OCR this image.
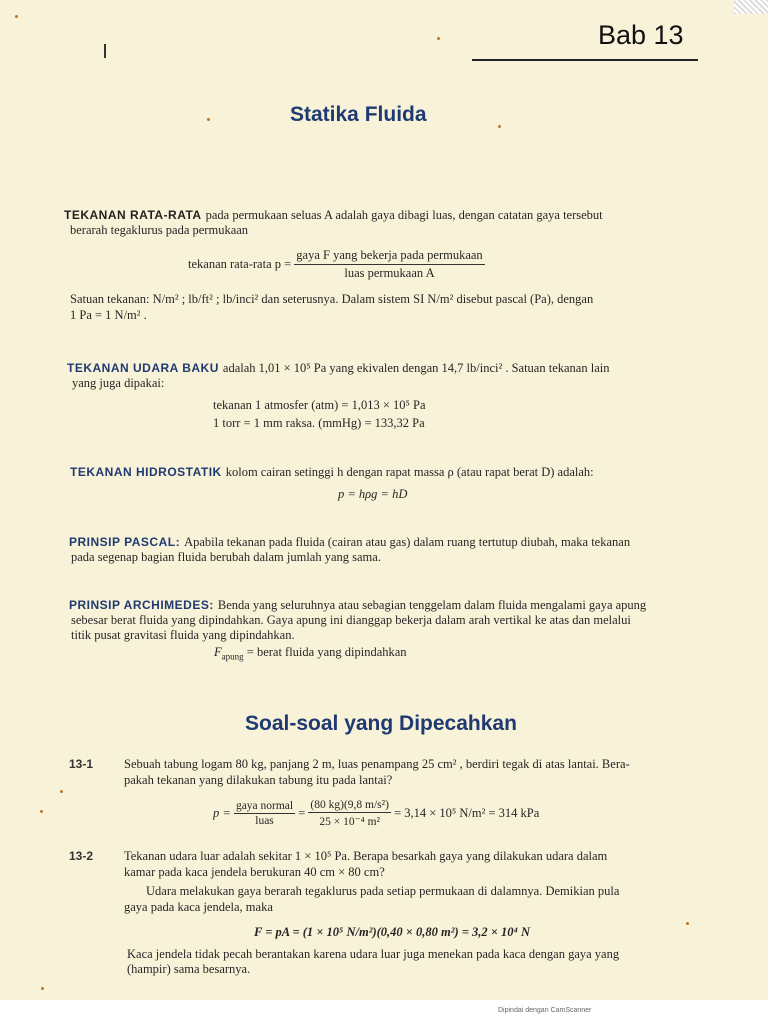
Bab 13
Statika Fluida
TEKANAN RATA-RATA pada permukaan seluas A adalah gaya dibagi luas, dengan catatan gaya tersebut
berarah tegaklurus pada permukaan
tekanan rata-rata $p = \frac{\text{gaya F yang bekerja pada permukaan}}{\text{luas permukaan A}}$
Satuan tekanan: N/m² ; lb/ft² ; lb/inci² dan seterusnya. Dalam sistem SI N/m² disebut pascal (Pa), dengan
1 Pa = 1 N/m² .
TEKANAN UDARA BAKU adalah 1,01 × 10⁵ Pa yang ekivalen dengan 14,7 lb/inci² . Satuan tekanan lain
yang juga dipakai:
tekanan 1 atmosfer (atm) = 1,013 × 10⁵ Pa
1 torr = 1 mm raksa. (mmHg) = 133,32 Pa
TEKANAN HIDROSTATIK kolom cairan setinggi h dengan rapat massa ρ (atau rapat berat D) adalah:
p = hρg = hD
PRINSIP PASCAL: Apabila tekanan pada fluida (cairan atau gas) dalam ruang tertutup diubah, maka tekanan
pada segenap bagian fluida berubah dalam jumlah yang sama.
PRINSIP ARCHIMEDES: Benda yang seluruhnya atau sebagian tenggelam dalam fluida mengalami gaya apung
sebesar berat fluida yang dipindahkan. Gaya apung ini dianggap bekerja dalam arah vertikal ke atas dan melalui
titik pusat gravitasi fluida yang dipindahkan.
$F_{apung}$ = berat fluida yang dipindahkan
Soal-soal yang Dipecahkan
13-1 Sebuah tabung logam 80 kg, panjang 2 m, luas penampang 25 cm² , berdiri tegak di atas lantai. Bera-
pakah tekanan yang dilakukan tabung itu pada lantai?
$p = \frac{\text{gaya normal}}{\text{luas}} = \frac{\text{(80 kg)(9,8 m/s²)}}{\text{25 × 10⁻⁴ m²}} = 3,14 \times 10^5$ N/m² = 314 kPa
13-2 Tekanan udara luar adalah sekitar 1 × 10⁵ Pa. Berapa besarkah gaya yang dilakukan udara dalam
kamar pada kaca jendela berukuran 40 cm × 80 cm?
Udara melakukan gaya berarah tegaklurus pada setiap permukaan di dalamnya. Demikian pula
gaya pada kaca jendela, maka
F = pA = (1 × 10⁵ N/m²)(0,40 × 0,80 m²) = 3,2 × 10⁴ N
Kaca jendela tidak pecah berantakan karena udara luar juga menekan pada kaca dengan gaya yang
(hampir) sama besarnya.
Dipindai dengan CamScanner
